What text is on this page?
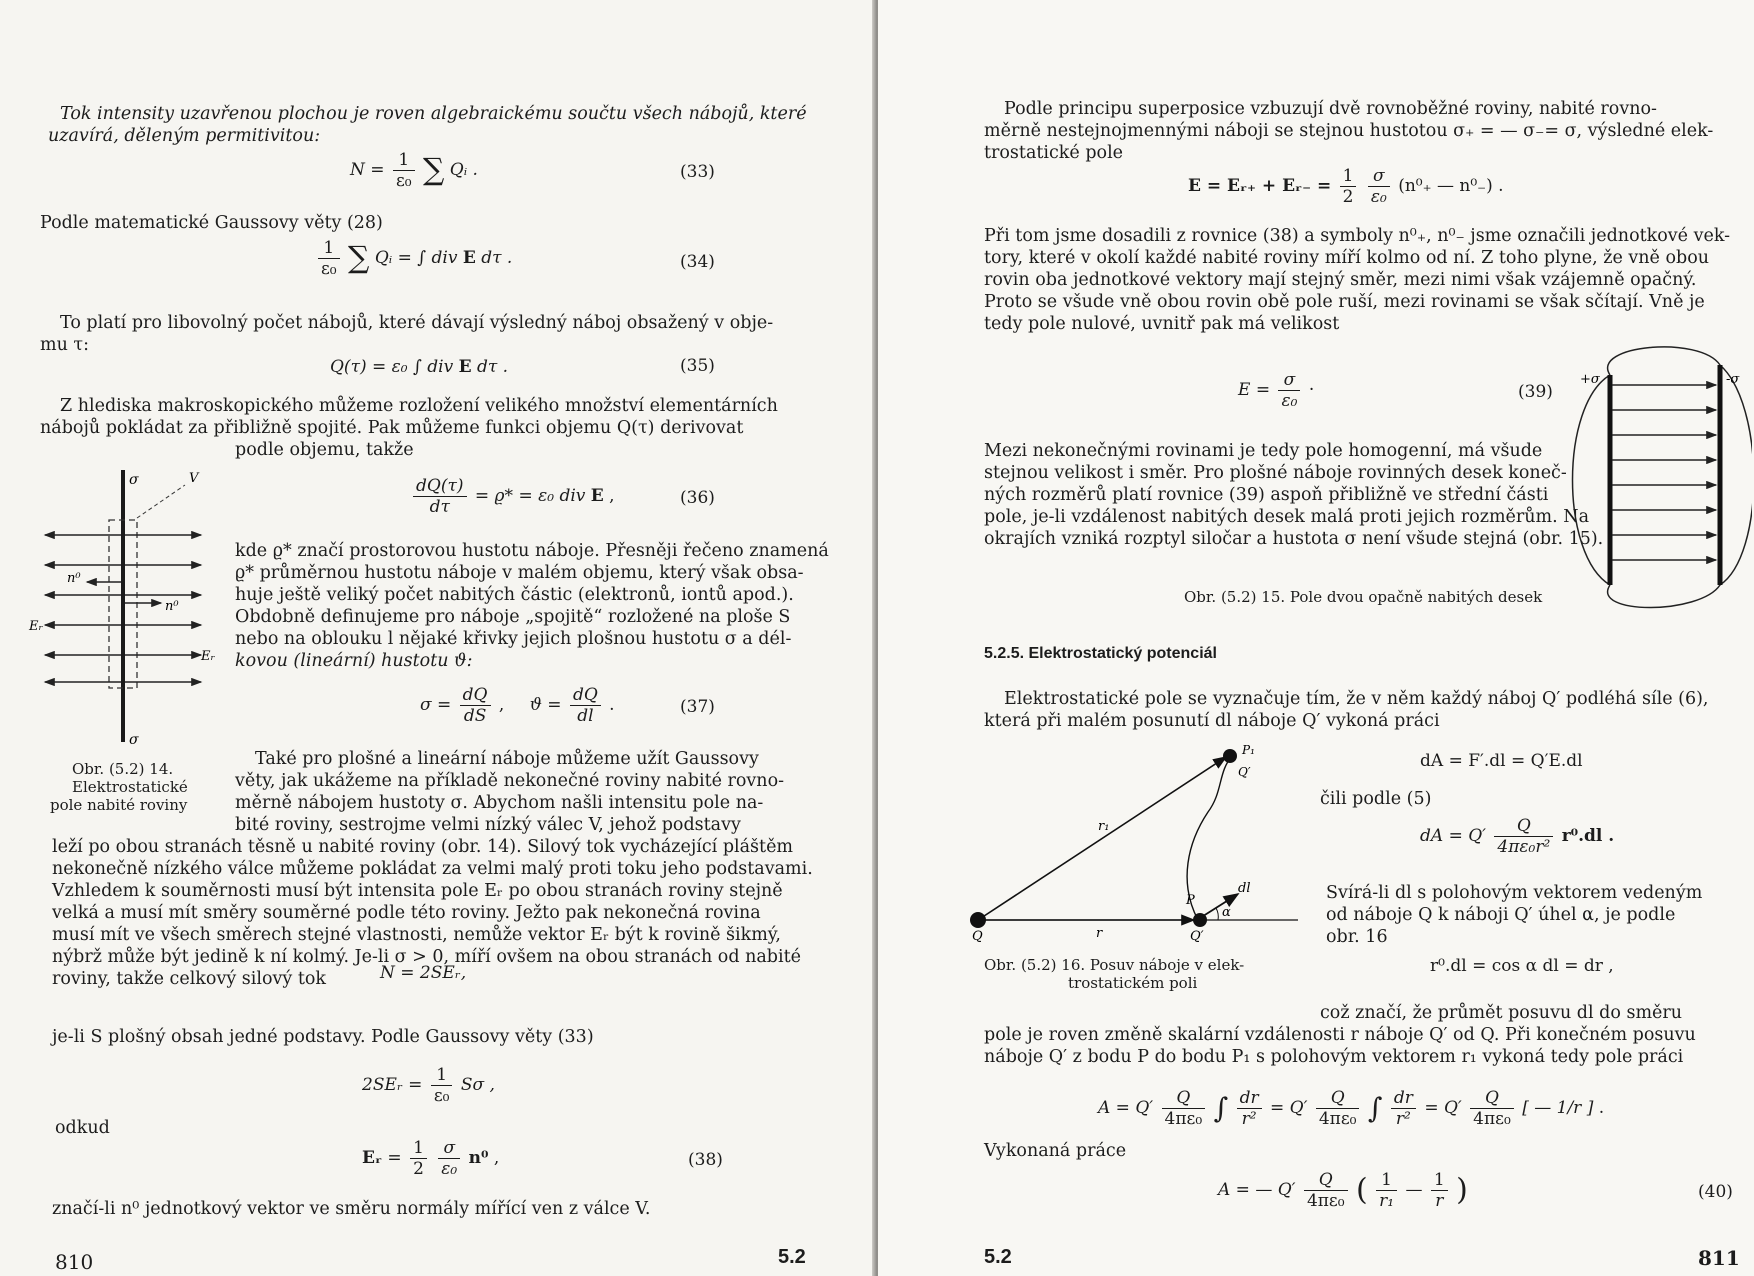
Tok intensity uzavřenou plochou je roven algebraickému součtu všech nábojů, které
uzavírá, děleným permitivitou:
$N = \frac{1}{\text{ε₀}}$ ∑ Qᵢ .	(33)
Podle matematické Gaussovy věty (28)
$\frac{1}{\text{ε₀}}$ ∑ Qᵢ = ∫ div E dτ .	(34)
To platí pro libovolný počet nábojů, které dávají výsledný náboj obsažený v obje-
mu τ:
Q(τ) = ε₀ ∫ div E dτ .	(35)
Z hlediska makroskopického můžeme rozložení velikého množství elementárních
nábojů pokládat za přibližně spojité. Pak můžeme funkci objemu Q(τ) derivovat
podle objemu, takže
$\frac{dQ(\tau)}{d\tau} = ϱ* = \varepsilon_0$ div E ,	(36)
kde ϱ* značí prostorovou hustotu náboje. Přesněji řečeno znamená
ϱ* průměrnou hustotu náboje v malém objemu, který však obsa-
huje ještě veliký počet nabitých částic (elektronů, iontů apod.).
Obdobně definujeme pro náboje „spojitě“ rozložené na ploše S
nebo na oblouku l nějaké křivky jejich plošnou hustotu σ a dél-
kovou (lineární) hustotu ϑ:
$\sigma = \frac{dQ}{dS}$ , $ϑ = \frac{dQ}{dl}$ .	(37)
σ
σ
V
n⁰
n⁰
Eᵣ
Eᵣ
Obr. (5.2) 14.
Elektrostatické
pole nabité roviny
Také pro plošné a lineární náboje můžeme užít Gaussovy
věty, jak ukážeme na příkladě nekonečné roviny nabité rovno-
měrně nábojem hustoty σ. Abychom našli intensitu pole na-
bité roviny, sestrojme velmi nízký válec V, jehož podstavy
leží po obou stranách těsně u nabité roviny (obr. 14). Silový tok vycházející pláštěm
nekonečně nízkého válce můžeme pokládat za velmi malý proti toku jeho podstavami.
Vzhledem k souměrnosti musí být intensita pole Eᵣ po obou stranách roviny stejně
velká a musí mít směry souměrné podle této roviny. Ježto pak nekonečná rovina
musí mít ve všech směrech stejné vlastnosti, nemůže vektor Eᵣ být k rovině šikmý,
nýbrž může být jedině k ní kolmý. Je-li σ > 0, míří ovšem na obou stranách od nabité
roviny, takže celkový silový tok	N = 2SEᵣ,
je-li S plošný obsah jedné podstavy. Podle Gaussovy věty (33)
2SEᵣ = $\frac{1}{\text{ε₀}}$ Sσ ,
odkud
Eᵣ = $\frac{1}{2}$
$\frac{\sigma}{\text{ε₀}} n^0$ ,	(38)
značí-li n⁰ jednotkový vektor ve směru normály mířící ven z válce V.
810	5.2
Podle principu superposice vzbuzují dvě rovnoběžné roviny, nabité rovno-
měrně nestejnojmennými náboji se stejnou hustotou σ₊ = — σ₋= σ, výsledné elek-
trostatické pole
E = Eᵣ₊ + Eᵣ₋ = $\frac{1}{2}$
$\frac{\sigma}{\text{ε₀}} (n^0_+$ — n⁰₋) .
Při tom jsme dosadili z rovnice (38) a symboly n⁰₊, n⁰₋ jsme označili jednotkové vek-
tory, které v okolí každé nabité roviny míří kolmo od ní. Z toho plyne, že vně obou
rovin oba jednotkové vektory mají stejný směr, mezi nimi však vzájemně opačný.
Proto se všude vně obou rovin obě pole ruší, mezi rovinami se však sčítají. Vně je
tedy pole nulové, uvnitř pak má velikost
$E = \frac{\sigma}{\text{ε₀}}$ ·	(39)
Mezi nekonečnými rovinami je tedy pole homogenní, má všude
stejnou velikost i směr. Pro plošné náboje rovinných desek koneč-
ných rozměrů platí rovnice (39) aspoň přibližně ve střední části
pole, je-li vzdálenost nabitých desek malá proti jejich rozměrům. Na
okrajích vzniká rozptyl siločar a hustota σ není všude stejná (obr. 15).
+σ	-σ
Obr. (5.2) 15. Pole dvou opačně nabitých desek
5.2.5. Elektrostatický potenciál
Elektrostatické pole se vyznačuje tím, že v něm každý náboj Q′ podléhá síle (6),
která při malém posunutí dl náboje Q′ vykoná práci
dA = F′.dl = Q′E.dl
čili podle (5)
dA = $Q' \frac{Q}{\text{4πε₀r²}} r^0.dl$ .
Svírá-li dl s polohovým vektorem vedeným
od náboje Q k náboji Q′ úhel α, je podle
obr. 16
r⁰.dl = cos α dl = dr ,
Q	r	Q′
P
dl
α
r₁
P₁
Q′
Obr. (5.2) 16. Posuv náboje v elek-
trostatickém poli
což značí, že průmět posuvu dl do směru
pole je roven změně skalární vzdálenosti r náboje Q′ od Q. Při konečném posuvu
náboje Q′ z bodu P do bodu P₁ s polohovým vektorem r₁ vykoná tedy pole práci
$A = Q' \frac{Q}{\text{4πε₀}}$ ∫ $\frac{dr}{\text{r²}} = Q' \frac{Q}{\text{4πε₀}}$ ∫ $\frac{dr}{\text{r²}} = Q' \frac{Q}{\text{4πε₀}}$ [ — 1/r ] .
Vykonaná práce
A = — $Q' \frac{Q}{\text{4πε₀}}$ ( $\frac{1}{\text{r₁}}$ — $\frac{1}{r}$ )	(40)
5.2	811
